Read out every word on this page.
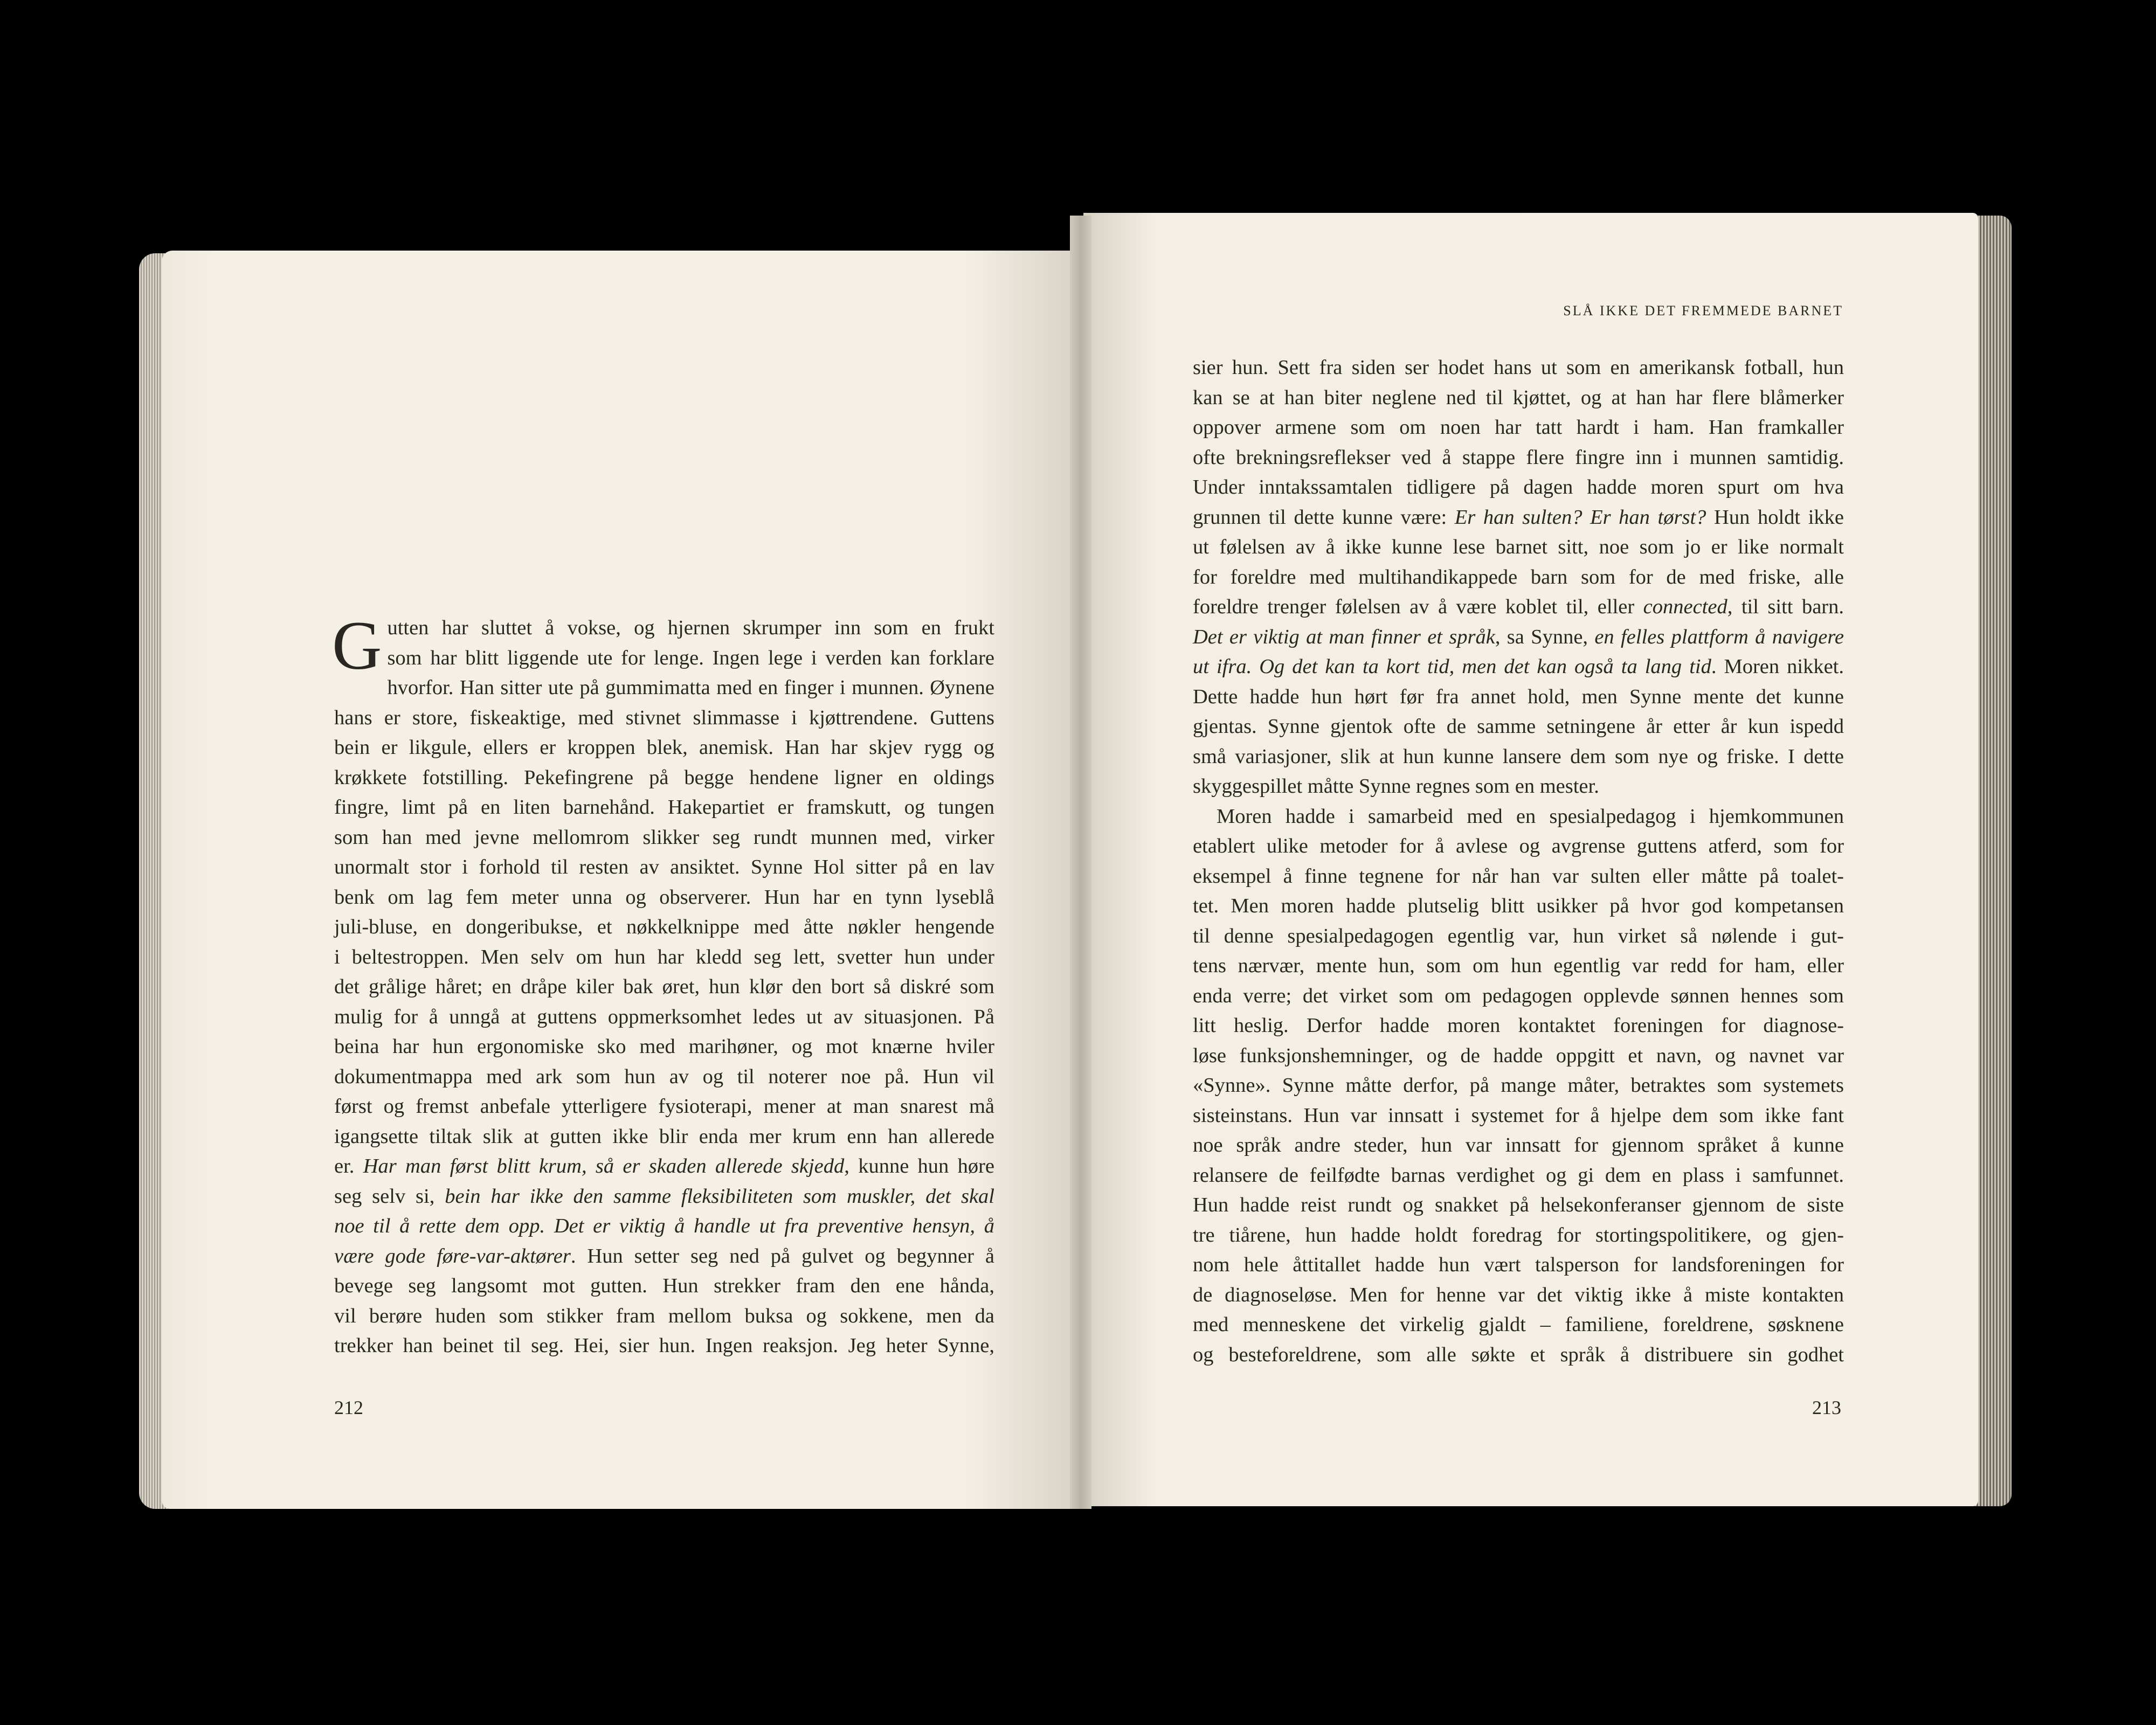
SLÅ IKKE DET FREMMEDE BARNET
G utten har sluttet å vokse, og hjernen skrumper inn som en frukt
som har blitt liggende ute for lenge. Ingen lege i verden kan forklare
hvorfor. Han sitter ute på gummimatta med en finger i munnen. Øynene
hans er store, fiskeaktige, med stivnet slimmasse i kjøttrendene. Guttens
bein er likgule, ellers er kroppen blek, anemisk. Han har skjev rygg og
krøkkete fotstilling. Pekefingrene på begge hendene ligner en oldings
fingre, limt på en liten barnehånd. Hakepartiet er framskutt, og tungen
som han med jevne mellomrom slikker seg rundt munnen med, virker
unormalt stor i forhold til resten av ansiktet. Synne Hol sitter på en lav
benk om lag fem meter unna og observerer. Hun har en tynn lyseblå
juli-bluse, en dongeribukse, et nøkkelknippe med åtte nøkler hengende
i beltestroppen. Men selv om hun har kledd seg lett, svetter hun under
det grålige håret; en dråpe kiler bak øret, hun klør den bort så diskré som
mulig for å unngå at guttens oppmerksomhet ledes ut av situasjonen. På
beina har hun ergonomiske sko med marihøner, og mot knærne hviler
dokumentmappa med ark som hun av og til noterer noe på. Hun vil
først og fremst anbefale ytterligere fysioterapi, mener at man snarest må
igangsette tiltak slik at gutten ikke blir enda mer krum enn han allerede
er. Har man først blitt krum, så er skaden allerede skjedd, kunne hun høre
seg selv si, bein har ikke den samme fleksibiliteten som muskler, det skal
noe til å rette dem opp. Det er viktig å handle ut fra preventive hensyn, å
være gode føre-var-aktører. Hun setter seg ned på gulvet og begynner å
bevege seg langsomt mot gutten. Hun strekker fram den ene hånda,
vil berøre huden som stikker fram mellom buksa og sokkene, men da
trekker han beinet til seg. Hei, sier hun. Ingen reaksjon. Jeg heter Synne,
sier hun. Sett fra siden ser hodet hans ut som en amerikansk fotball, hun
kan se at han biter neglene ned til kjøttet, og at han har flere blåmerker
oppover armene som om noen har tatt hardt i ham. Han framkaller
ofte brekningsreflekser ved å stappe flere fingre inn i munnen samtidig.
Under inntakssamtalen tidligere på dagen hadde moren spurt om hva
grunnen til dette kunne være: Er han sulten? Er han tørst? Hun holdt ikke
ut følelsen av å ikke kunne lese barnet sitt, noe som jo er like normalt
for foreldre med multihandikappede barn som for de med friske, alle
foreldre trenger følelsen av å være koblet til, eller connected, til sitt barn.
Det er viktig at man finner et språk, sa Synne, en felles plattform å navigere
ut ifra. Og det kan ta kort tid, men det kan også ta lang tid. Moren nikket.
Dette hadde hun hørt før fra annet hold, men Synne mente det kunne
gjentas. Synne gjentok ofte de samme setningene år etter år kun ispedd
små variasjoner, slik at hun kunne lansere dem som nye og friske. I dette
skyggespillet måtte Synne regnes som en mester.
Moren hadde i samarbeid med en spesialpedagog i hjemkommunen
etablert ulike metoder for å avlese og avgrense guttens atferd, som for
eksempel å finne tegnene for når han var sulten eller måtte på toalet-
tet. Men moren hadde plutselig blitt usikker på hvor god kompetansen
til denne spesialpedagogen egentlig var, hun virket så nølende i gut-
tens nærvær, mente hun, som om hun egentlig var redd for ham, eller
enda verre; det virket som om pedagogen opplevde sønnen hennes som
litt heslig. Derfor hadde moren kontaktet foreningen for diagnose-
løse funksjonshemninger, og de hadde oppgitt et navn, og navnet var
«Synne». Synne måtte derfor, på mange måter, betraktes som systemets
sisteinstans. Hun var innsatt i systemet for å hjelpe dem som ikke fant
noe språk andre steder, hun var innsatt for gjennom språket å kunne
relansere de feilfødte barnas verdighet og gi dem en plass i samfunnet.
Hun hadde reist rundt og snakket på helsekonferanser gjennom de siste
tre tiårene, hun hadde holdt foredrag for stortingspolitikere, og gjen-
nom hele åttitallet hadde hun vært talsperson for landsforeningen for
de diagnoseløse. Men for henne var det viktig ikke å miste kontakten
med menneskene det virkelig gjaldt – familiene, foreldrene, søsknene
og besteforeldrene, som alle søkte et språk å distribuere sin godhet
212	213
